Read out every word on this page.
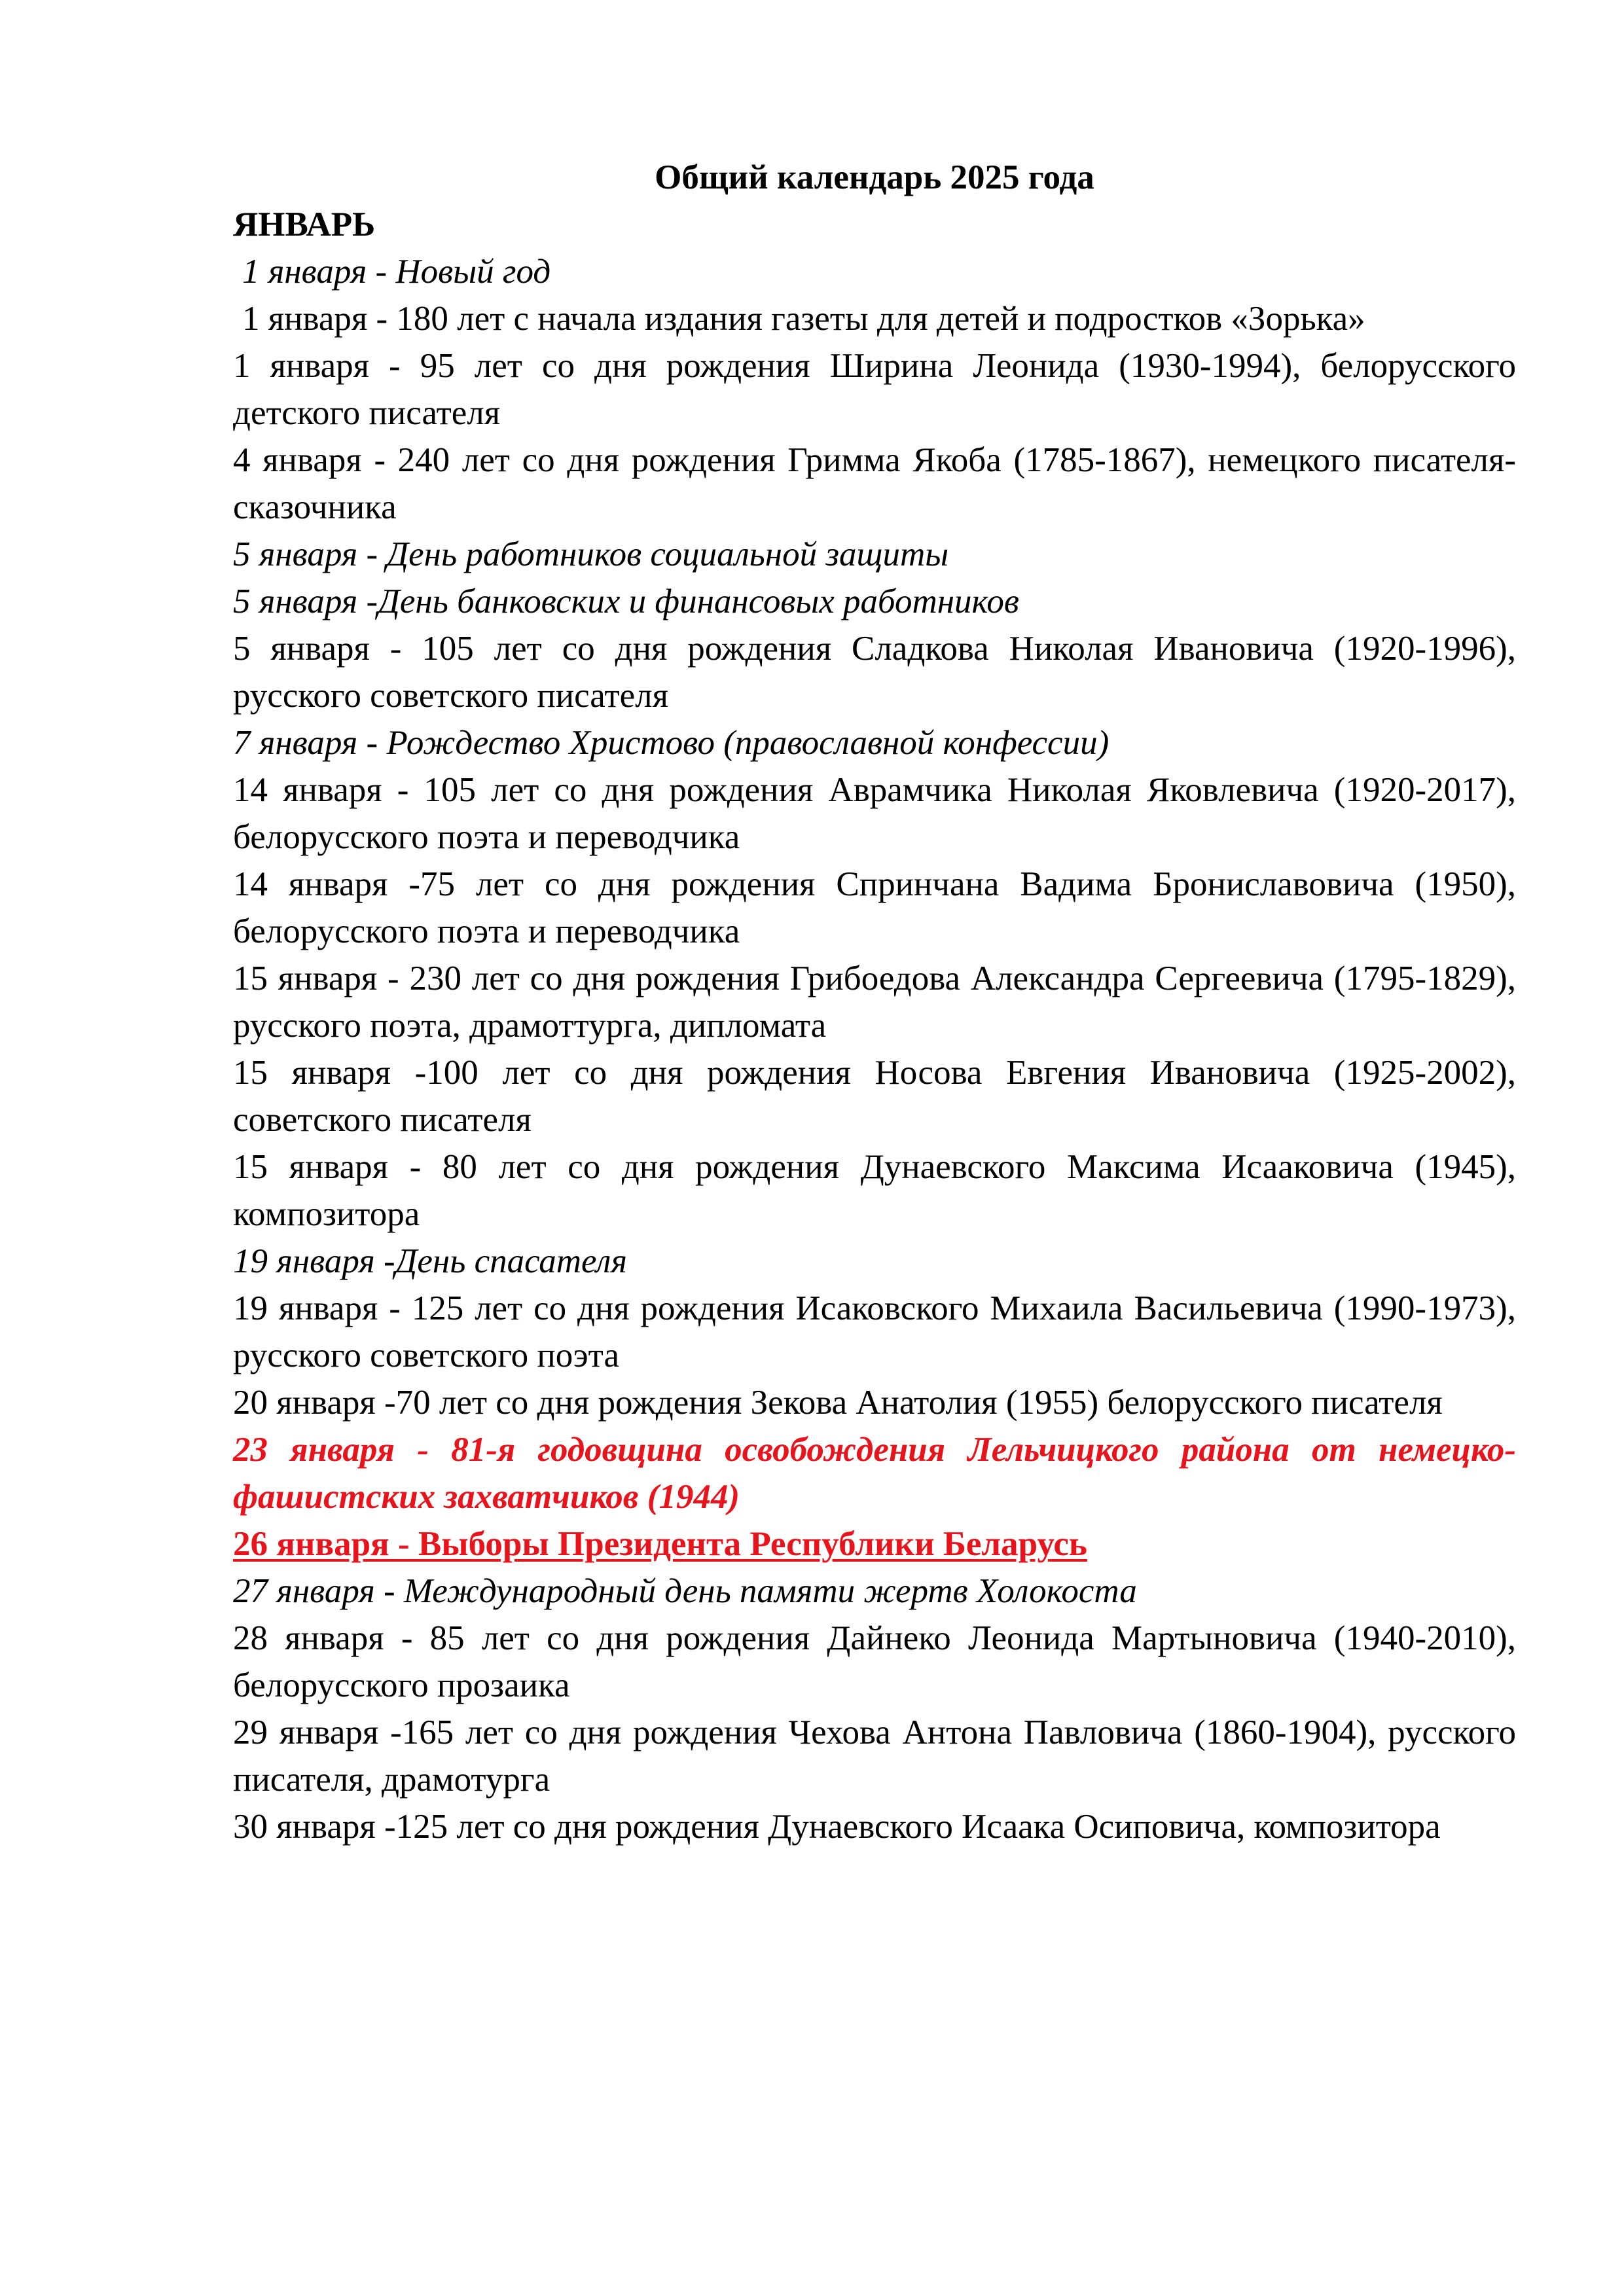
Общий календарь 2025 года

ЯНВАРЬ

1 января - Новый год

1 января - 180 лет с начала издания газеты для детей и подростков «Зорька»

1 января - 95 лет со дня рождения Ширина Леонида (1930-1994), белорусского детского писателя

4 января - 240 лет со дня рождения Гримма Якоба (1785-1867), немецкого писателя-сказочника

5 января - День работников социальной защиты

5 января -День банковских и финансовых работников

5 января - 105 лет со дня рождения Сладкова Николая Ивановича (1920-1996), русского советского писателя

7 января - Рождество Христово (православной конфессии)

14 января - 105 лет со дня рождения Аврамчика Николая Яковлевича (1920-2017), белорусского поэта и переводчика

14 января -75 лет со дня рождения Спринчана Вадима Брониславовича (1950), белорусского поэта и переводчика

15 января - 230 лет со дня рождения Грибоедова Александра Сергеевича (1795-1829), русского поэта, драмоттурга, дипломата

15 января -100 лет со дня рождения Носова Евгения Ивановича (1925-2002), советского писателя

15 января - 80 лет со дня рождения Дунаевского Максима Исааковича (1945), композитора

19 января -День спасателя

19 января - 125 лет со дня рождения Исаковского Михаила Васильевича (1990-1973), русского советского поэта

20 января -70 лет со дня рождения Зекова Анатолия (1955) белорусского писателя

23 января - 81-я годовщина освобождения Лельчицкого района от немецко-фашистских захватчиков (1944)

26 января - Выборы Президента Республики Беларусь

27 января - Международный день памяти жертв Холокоста

28 января - 85 лет со дня рождения Дайнеко Леонида Мартыновича (1940-2010), белорусского прозаика

29 января -165 лет со дня рождения Чехова Антона Павловича (1860-1904), русского писателя, драмотурга

30 января -125 лет со дня рождения Дунаевского Исаака Осиповича, композитора
